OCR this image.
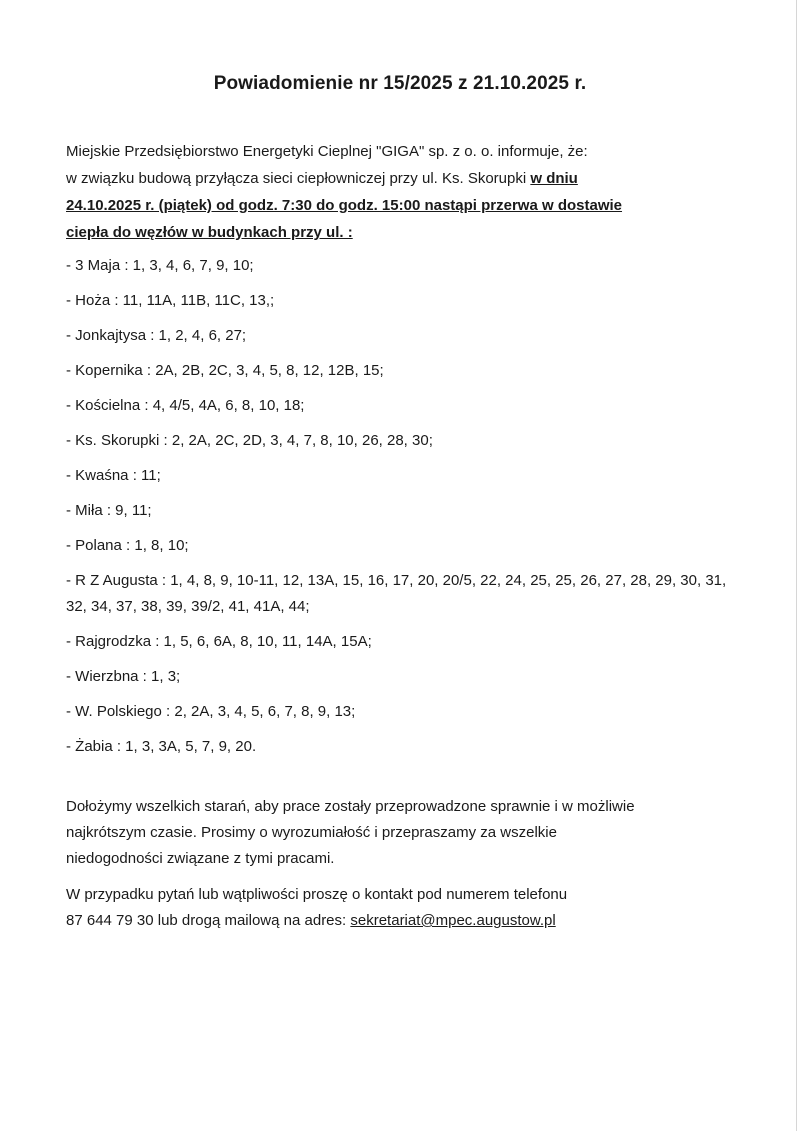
Powiadomienie nr 15/2025 z 21.10.2025 r.
Miejskie Przedsiębiorstwo Energetyki Cieplnej "GIGA" sp. z o. o. informuje, że:
w związku budową przyłącza sieci ciepłowniczej przy ul. Ks. Skorupki w dniu
24.10.2025 r. (piątek) od godz. 7:30 do godz. 15:00 nastąpi przerwa w dostawie
ciepła do węzłów w budynkach przy ul. :
- 3 Maja : 1, 3, 4, 6, 7, 9, 10;
- Hoża : 11, 11A, 11B, 11C, 13,;
- Jonkajtysa : 1, 2, 4, 6, 27;
- Kopernika : 2A, 2B, 2C, 3, 4, 5, 8, 12, 12B, 15;
- Kościelna : 4, 4/5, 4A, 6, 8, 10, 18;
- Ks. Skorupki : 2, 2A, 2C, 2D, 3, 4, 7, 8, 10, 26, 28, 30;
- Kwaśna : 11;
- Miła : 9, 11;
- Polana : 1, 8, 10;
- R Z Augusta : 1, 4, 8, 9, 10-11, 12, 13A, 15, 16, 17, 20, 20/5, 22, 24, 25, 25, 26, 27, 28, 29, 30, 31, 32, 34, 37, 38, 39, 39/2, 41, 41A, 44;
- Rajgrodzka : 1, 5, 6, 6A, 8, 10, 11, 14A, 15A;
- Wierzbna : 1, 3;
- W. Polskiego : 2, 2A, 3, 4, 5, 6, 7, 8, 9, 13;
- Żabia : 1, 3, 3A, 5, 7, 9, 20.

Dołożymy wszelkich starań, aby prace zostały przeprowadzone sprawnie i w możliwie
najkrótszym czasie. Prosimy o wyrozumiałość i przepraszamy za wszelkie
niedogodności związane z tymi pracami.

W przypadku pytań lub wątpliwości proszę o kontakt pod numerem telefonu
87 644 79 30 lub drogą mailową na adres: sekretariat@mpec.augustow.pl
